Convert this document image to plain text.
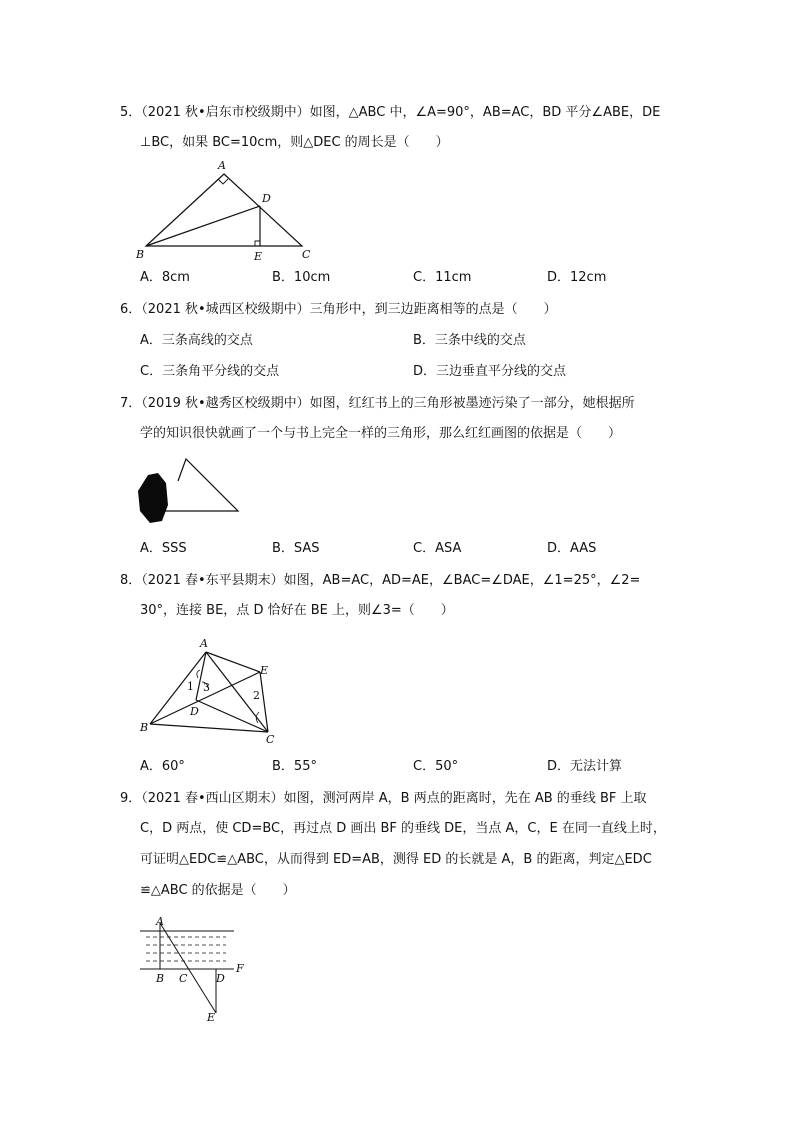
5．（2021 秋•启东市校级期中）如图，△ABC 中，∠A=90°，AB=AC，BD 平分∠ABE，DE
⊥BC，如果 BC=10cm，则△DEC 的周长是（　　）
A
B	C
D
E
A．8cm	B．10cm	C．11cm	D．12cm
6．（2021 秋•城西区校级期中）三角形中，到三边距离相等的点是（　　）
A．三条高线的交点	B．三条中线的交点
C．三条角平分线的交点	D．三边垂直平分线的交点
7．（2019 秋•越秀区校级期中）如图，红红书上的三角形被墨迹污染了一部分，她根据所
学的知识很快就画了一个与书上完全一样的三角形，那么红红画图的依据是（　　）
A．SSS	B．SAS	C．ASA	D．AAS
8．（2021 春•东平县期末）如图，AB=AC，AD=AE，∠BAC=∠DAE，∠1=25°，∠2=
30°，连接 BE，点 D 恰好在 BE 上，则∠3=（　　）
A
B
C
D
E
1
2
3
A．60°	B．55°	C．50°	D．无法计算
9．（2021 春•西山区期末）如图，测河两岸 A，B 两点的距离时，先在 AB 的垂线 BF 上取
C，D 两点，使 CD=BC，再过点 D 画出 BF 的垂线 DE，当点 A，C，E 在同一直线上时，
可证明△EDC≌△ABC，从而得到 ED=AB，测得 ED 的长就是 A，B 的距离，判定△EDC
≌△ABC 的依据是（　　）
A
B C	D
E
F
